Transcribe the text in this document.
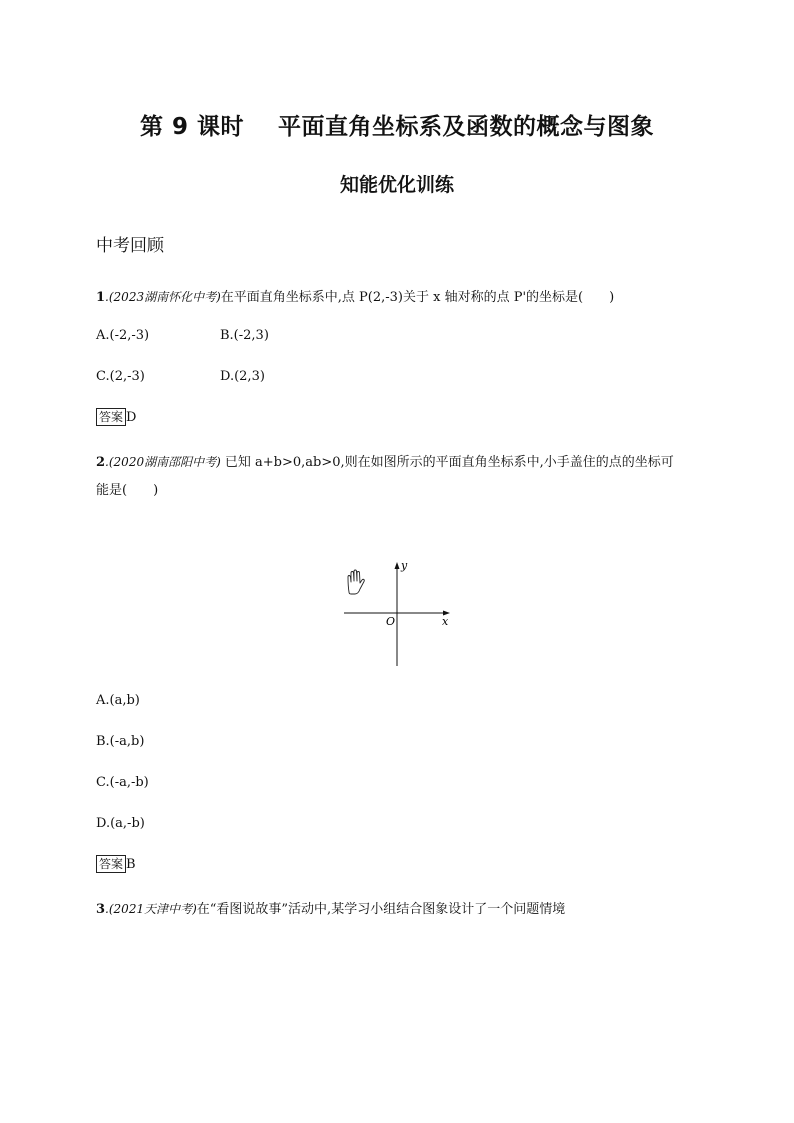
第 9 课时    平面直角坐标系及函数的概念与图象
知能优化训练
中考回顾
1.(2023湖南怀化中考)在平面直角坐标系中,点 P(2,-3)关于 x 轴对称的点 P'的坐标是(　　)
A.(-2,-3)	B.(-2,3)
C.(2,-3)	D.(2,3)
答案 D
2.(2020湖南邵阳中考) 已知 a+b>0,ab>0,则在如图所示的平面直角坐标系中,小手盖住的点的坐标可
能是(　　)
y
x
O
A.(a,b)
B.(-a,b)
C.(-a,-b)
D.(a,-b)
答案 B
3.(2021天津中考)在“看图说故事”活动中,某学习小组结合图象设计了一个问题情境
